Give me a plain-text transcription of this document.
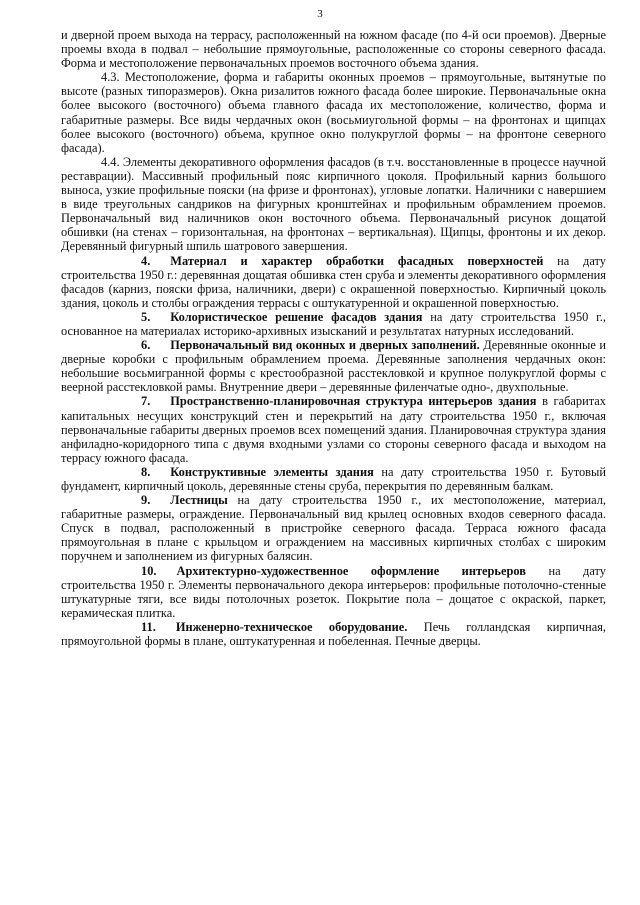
3

и дверной проем выхода на террасу, расположенный на южном фасаде (по 4-й оси проемов). Дверные проемы входа в подвал – небольшие прямоугольные, расположенные со стороны северного фасада. Форма и местоположение первоначальных проемов восточного объема здания.

4.3. Местоположение, форма и габариты оконных проемов – прямоугольные, вытянутые по высоте (разных типоразмеров). Окна ризалитов южного фасада более широкие. Первоначальные окна более высокого (восточного) объема главного фасада их местоположение, количество, форма и габаритные размеры. Все виды чердачных окон (восьмиугольной формы – на фронтонах и щипцах более высокого (восточного) объема, крупное окно полукруглой формы – на фронтоне северного фасада).

4.4. Элементы декоративного оформления фасадов (в т.ч. восстановленные в процессе научной реставрации). Массивный профильный пояс кирпичного цоколя. Профильный карниз большого выноса, узкие профильные пояски (на фризе и фронтонах), угловые лопатки. Наличники с навершием в виде треугольных сандриков на фигурных кронштейнах и профильным обрамлением проемов. Первоначальный вид наличников окон восточного объема. Первоначальный рисунок дощатой обшивки (на стенах – горизонтальная, на фронтонах – вертикальная). Щипцы, фронтоны и их декор. Деревянный фигурный шпиль шатрового завершения.

4. Материал и характер обработки фасадных поверхностей на дату строительства 1950 г.: деревянная дощатая обшивка стен сруба и элементы декоративного оформления фасадов (карниз, пояски фриза, наличники, двери) с окрашенной поверхностью. Кирпичный цоколь здания, цоколь и столбы ограждения террасы с оштукатуренной и окрашенной поверхностью.

5. Колористическое решение фасадов здания на дату строительства 1950 г., основанное на материалах историко-архивных изысканий и результатах натурных исследований.

6. Первоначальный вид оконных и дверных заполнений. Деревянные оконные и дверные коробки с профильным обрамлением проема. Деревянные заполнения чердачных окон: небольшие восьмигранной формы с крестообразной расстекловкой и крупное полукруглой формы с веерной расстекловкой рамы. Внутренние двери – деревянные филенчатые одно-, двухпольные.

7. Пространственно-планировочная структура интерьеров здания в габаритах капитальных несущих конструкций стен и перекрытий на дату строительства 1950 г., включая первоначальные габариты дверных проемов всех помещений здания. Планировочная структура здания анфиладно-коридорного типа с двумя входными узлами со стороны северного фасада и выходом на террасу южного фасада.

8. Конструктивные элементы здания на дату строительства 1950 г. Бутовый фундамент, кирпичный цоколь, деревянные стены сруба, перекрытия по деревянным балкам.

9. Лестницы на дату строительства 1950 г., их местоположение, материал, габаритные размеры, ограждение. Первоначальный вид крылец основных входов северного фасада. Спуск в подвал, расположенный в пристройке северного фасада. Терраса южного фасада прямоугольная в плане с крыльцом и ограждением на массивных кирпичных столбах с широким поручнем и заполнением из фигурных балясин.

10. Архитектурно-художественное оформление интерьеров на дату строительства 1950 г. Элементы первоначального декора интерьеров: профильные потолочно-стенные штукатурные тяги, все виды потолочных розеток. Покрытие пола – дощатое с окраской, паркет, керамическая плитка.

11. Инженерно-техническое оборудование. Печь голландская кирпичная, прямоугольной формы в плане, оштукатуренная и побеленная. Печные дверцы.
